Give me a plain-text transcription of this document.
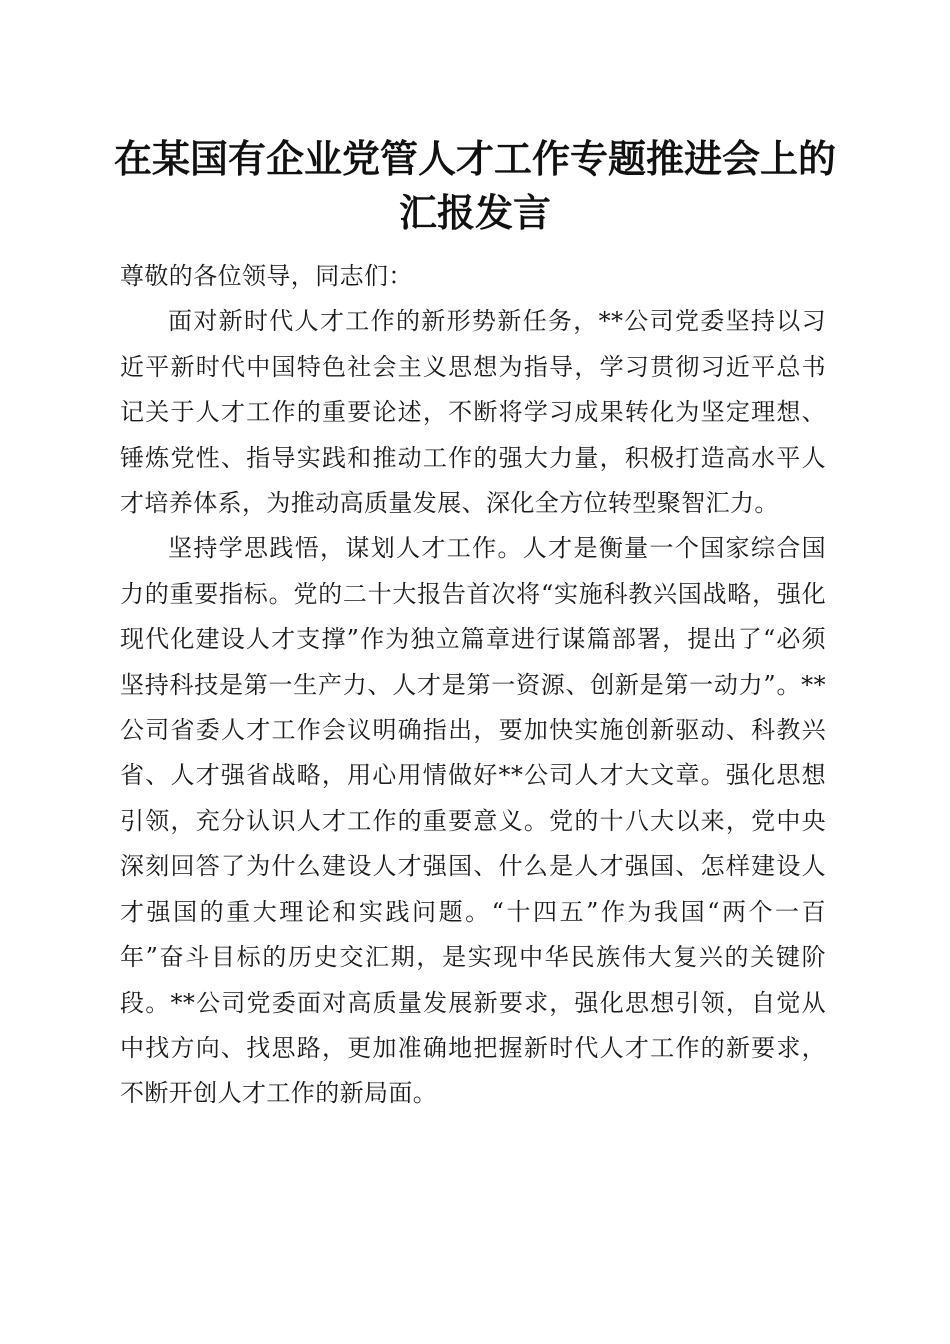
在某国有企业党管人才工作专题推进会上的汇报发言

尊敬的各位领导，同志们：

面对新时代人才工作的新形势新任务，**公司党委坚持以习近平新时代中国特色社会主义思想为指导，学习贯彻习近平总书记关于人才工作的重要论述，不断将学习成果转化为坚定理想、锤炼党性、指导实践和推动工作的强大力量，积极打造高水平人才培养体系，为推动高质量发展、深化全方位转型聚智汇力。

坚持学思践悟，谋划人才工作。人才是衡量一个国家综合国力的重要指标。党的二十大报告首次将“实施科教兴国战略，强化现代化建设人才支撑”作为独立篇章进行谋篇部署，提出了“必须坚持科技是第一生产力、人才是第一资源、创新是第一动力”。**公司省委人才工作会议明确指出，要加快实施创新驱动、科教兴省、人才强省战略，用心用情做好**公司人才大文章。强化思想引领，充分认识人才工作的重要意义。党的十八大以来，党中央深刻回答了为什么建设人才强国、什么是人才强国、怎样建设人才强国的重大理论和实践问题。“十四五”作为我国“两个一百年”奋斗目标的历史交汇期，是实现中华民族伟大复兴的关键阶段。**公司党委面对高质量发展新要求，强化思想引领，自觉从中找方向、找思路，更加准确地把握新时代人才工作的新要求，不断开创人才工作的新局面。
